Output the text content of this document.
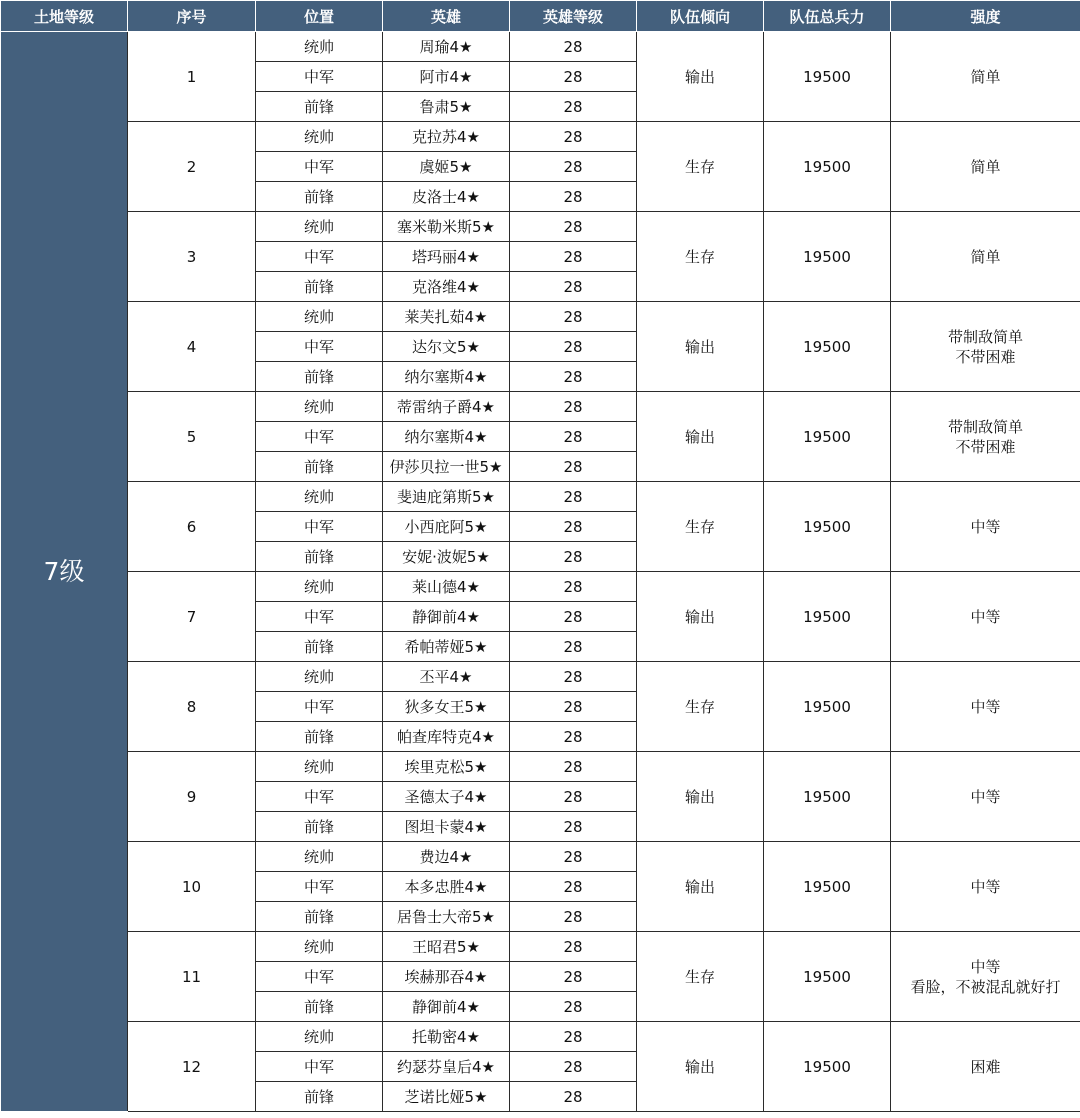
土地等级	序号	位置	英雄	英雄等级	队伍倾向	队伍总兵力	强度
7级	1	统帅	周瑜4★	28	输出	19500	简单

		中军	阿市4★	28			
		前锋	鲁肃5★	28			
	2	统帅	克拉苏4★	28	生存	19500	简单

		中军	虞姬5★	28			
		前锋	皮洛士4★	28			
	3	统帅	塞米勒米斯5★	28	生存	19500	简单

		中军	塔玛丽4★	28			
		前锋	克洛维4★	28			
	4	统帅	莱芙扎茹4★	28	输出	19500	带制敌简单
不带困难

		中军	达尔文5★	28			
		前锋	纳尔塞斯4★	28			
	5	统帅	蒂雷纳子爵4★	28	输出	19500	带制敌简单
不带困难

		中军	纳尔塞斯4★	28			
		前锋	伊莎贝拉一世5★	28			
	6	统帅	斐迪庇第斯5★	28	生存	19500	中等

		中军	小西庇阿5★	28			
		前锋	安妮·波妮5★	28			
	7	统帅	莱山德4★	28	输出	19500	中等

		中军	静御前4★	28			
		前锋	希帕蒂娅5★	28			
	8	统帅	丕平4★	28	生存	19500	中等

		中军	狄多女王5★	28			
		前锋	帕查库特克4★	28			
	9	统帅	埃里克松5★	28	输出	19500	中等

		中军	圣德太子4★	28			
		前锋	图坦卡蒙4★	28			
	10	统帅	费边4★	28	输出	19500	中等

		中军	本多忠胜4★	28			
		前锋	居鲁士大帝5★	28			
	11	统帅	王昭君5★	28	生存	19500	中等
看脸，不被混乱就好打

		中军	埃赫那吞4★	28			
		前锋	静御前4★	28			
	12	统帅	托勒密4★	28	输出	19500	困难

		中军	约瑟芬皇后4★	28			
		前锋	芝诺比娅5★	28			
